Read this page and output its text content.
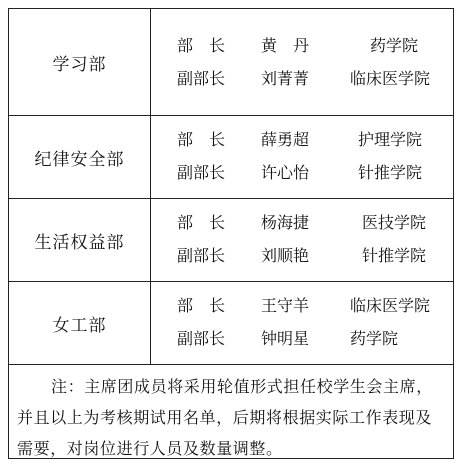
学习部
部　长 黄　丹	药学院
副部长 刘菁菁	临床医学院
纪律安全部
部　长 薛勇超	护理学院
副部长 许心怡	针推学院
生活权益部
部　长 杨海捷	医技学院
副部长 刘顺艳	针推学院
女工部
部　长 王守羊	临床医学院
副部长 钟明星	药学院
注：主席团成员将采用轮值形式担任校学生会主席，并且以上为考核期试用名单，后期将根据实际工作表现及需要，对岗位进行人员及数量调整。
